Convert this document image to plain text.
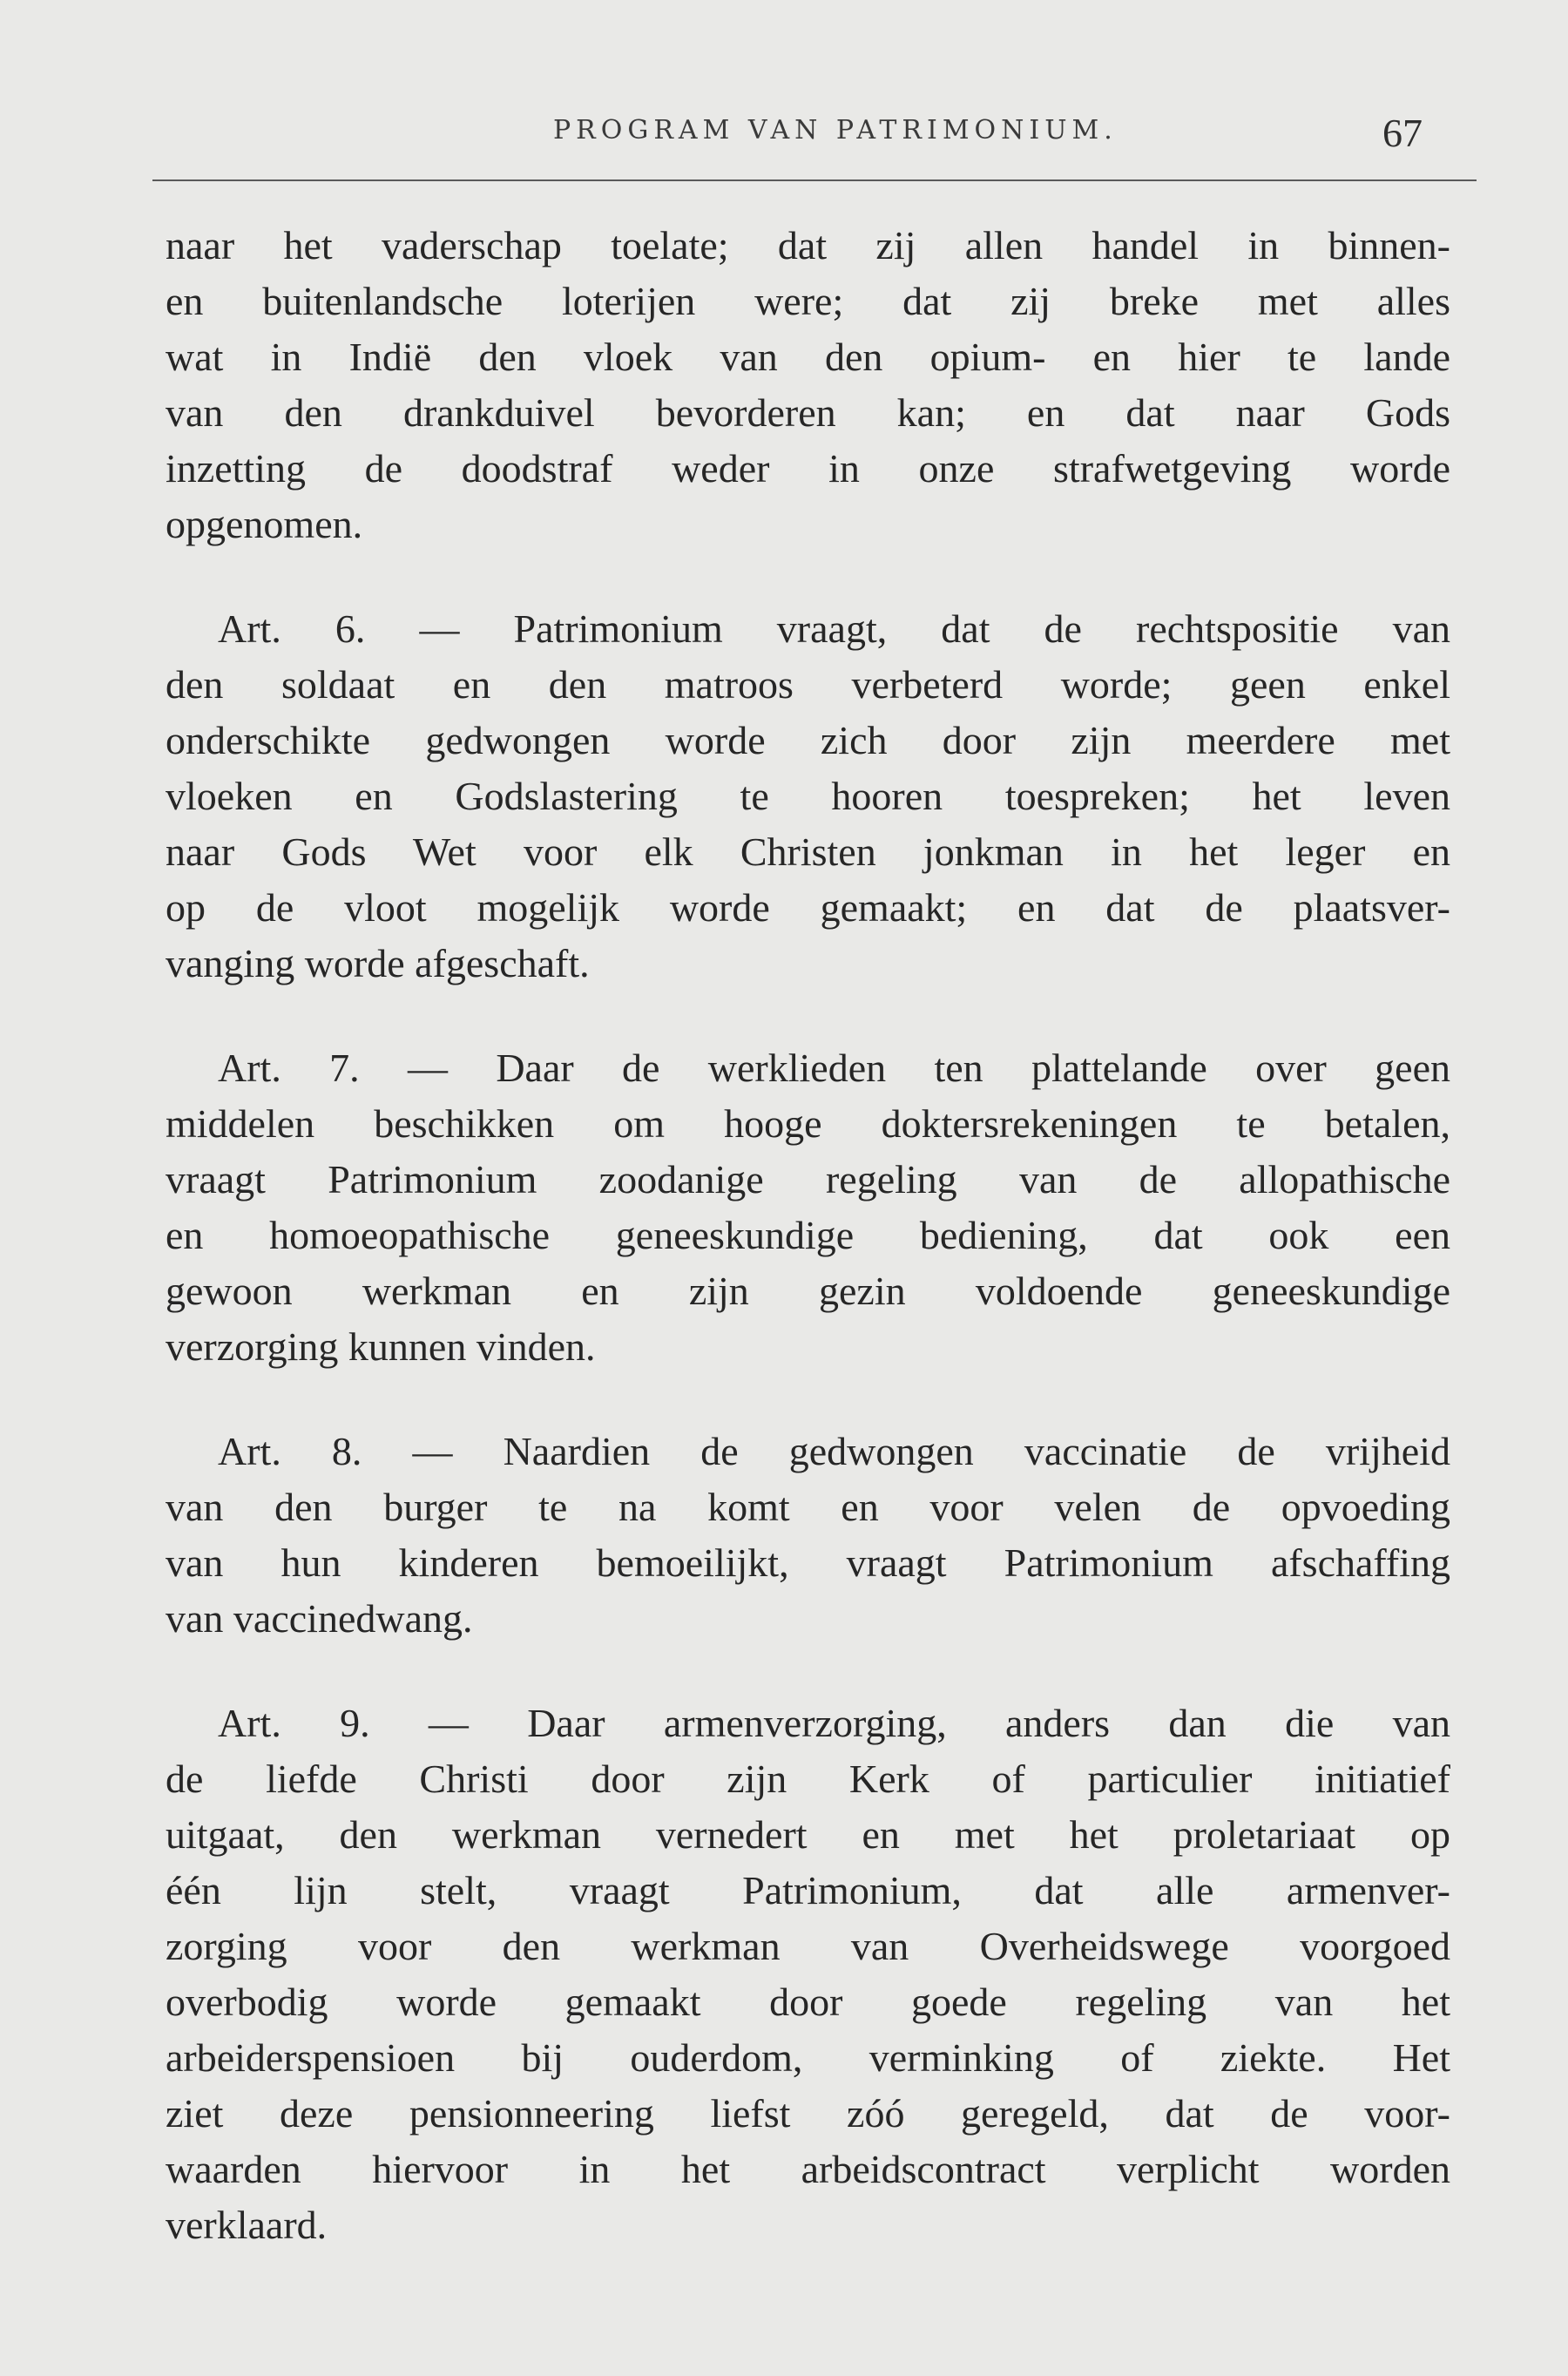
PROGRAM VAN PATRIMONIUM.	67
naar het vaderschap toelate; dat zij allen handel in binnen-
en buitenlandsche loterijen were; dat zij breke met alles
wat in Indië den vloek van den opium- en hier te lande
van den drankduivel bevorderen kan; en dat naar Gods
inzetting de doodstraf weder in onze strafwetgeving worde
opgenomen.
Art. 6. — Patrimonium vraagt, dat de rechtspositie van
den soldaat en den matroos verbeterd worde; geen enkel
onderschikte gedwongen worde zich door zijn meerdere met
vloeken en Godslastering te hooren toespreken; het leven
naar Gods Wet voor elk Christen jonkman in het leger en
op de vloot mogelijk worde gemaakt; en dat de plaatsver-
vanging worde afgeschaft.
Art. 7. — Daar de werklieden ten plattelande over geen
middelen beschikken om hooge doktersrekeningen te betalen,
vraagt Patrimonium zoodanige regeling van de allopathische
en homoeopathische geneeskundige bediening, dat ook een
gewoon werkman en zijn gezin voldoende geneeskundige
verzorging kunnen vinden.
Art. 8. — Naardien de gedwongen vaccinatie de vrijheid
van den burger te na komt en voor velen de opvoeding
van hun kinderen bemoeilijkt, vraagt Patrimonium afschaffing
van vaccinedwang.
Art. 9. — Daar armenverzorging, anders dan die van
de liefde Christi door zijn Kerk of particulier initiatief
uitgaat, den werkman vernedert en met het proletariaat op
één lijn stelt, vraagt Patrimonium, dat alle armenver-
zorging voor den werkman van Overheidswege voorgoed
overbodig worde gemaakt door goede regeling van het
arbeiderspensioen bij ouderdom, verminking of ziekte. Het
ziet deze pensionneering liefst zóó geregeld, dat de voor-
waarden hiervoor in het arbeidscontract verplicht worden
verklaard.
